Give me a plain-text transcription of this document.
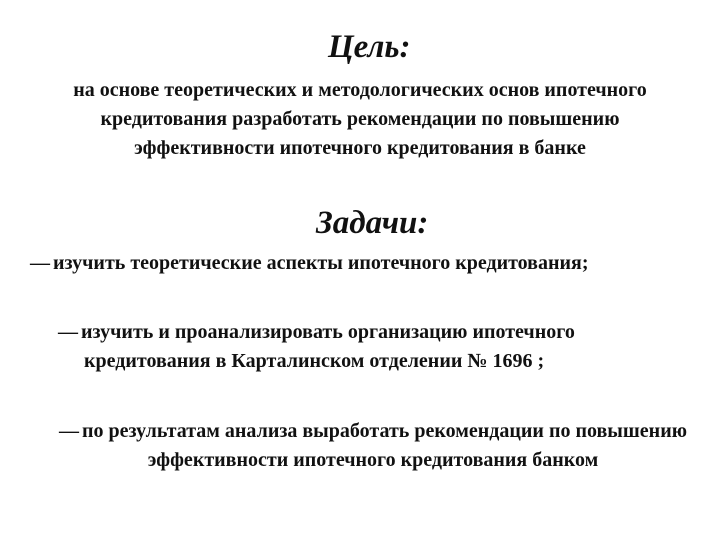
Цель:
на основе теоретических и методологических основ ипотечного кредитования разработать рекомендации по повышению эффективности ипотечного кредитования в банке
Задачи:
— изучить теоретические аспекты ипотечного кредитования;
— изучить и проанализировать организацию ипотечного
кредитования в Карталинском отделении № 1696 ;
— по результатам анализа выработать рекомендации по повышению эффективности ипотечного кредитования банком
